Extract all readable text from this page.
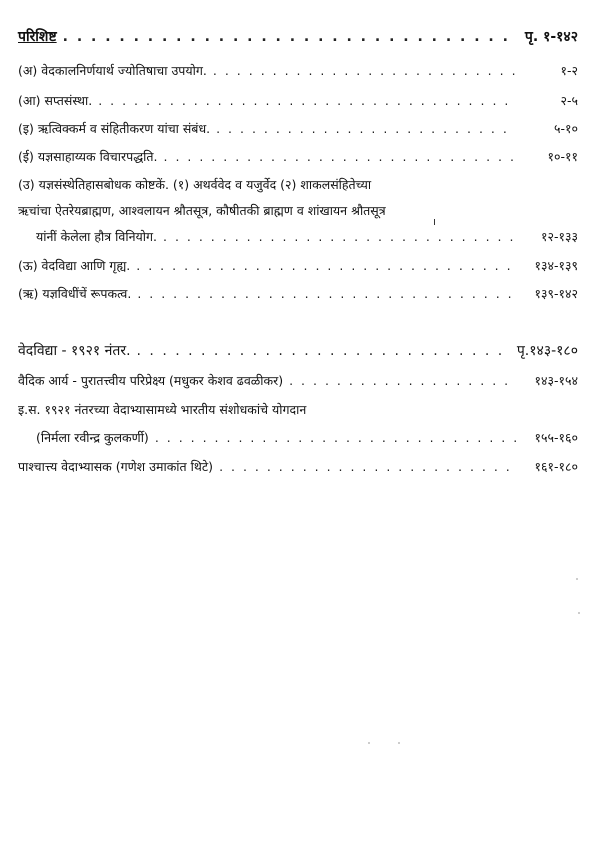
परिशिष्ट . . .	पृ. १-१४२
(अ) वेदकालनिर्णयार्थ ज्योतिषाचा उपयोग. . . .	१-२
(आ) सप्तसंस्था. . . .	२-५
(इ) ऋत्विक्कर्म व संहितीकरण यांचा संबंध. . . .	५-१०
(ई) यज्ञसाहाय्यक विचारपद्धति. . . .	१०-११
(उ) यज्ञसंस्थेतिहासबोधक कोष्टकें. (१) अथर्ववेद व यजुर्वेद (२) शाकलसंहितेच्या
ऋचांचा ऐतरेयब्राह्मण, आश्वलायन श्रौतसूत्र, कौषीतकी ब्राह्मण व शांखायन श्रौतसूत्र
यांनीं केलेला हौत्र विनियोग. . . .	१२-१३३
(ऊ) वेदविद्या आणि गृह्य. . . .	१३४-१३९
(ऋ) यज्ञविधींचें रूपकत्व. . . .	१३९-१४२
वेदविद्या - १९२१ नंतर. . . .	पृ.१४३-१८०
वैदिक आर्य - पुरातत्त्वीय परिप्रेक्ष्य (मधुकर केशव ढवळीकर) . . .	१४३-१५४
इ.स. १९२१ नंतरच्या वेदाभ्यासामध्ये भारतीय संशोधकांचे योगदान
(निर्मला रवीन्द्र कुलकर्णी) . . .	१५५-१६०
पाश्चात्त्य वेदाभ्यासक (गणेश उमाकांत थिटे) . . .	१६१-१८०
